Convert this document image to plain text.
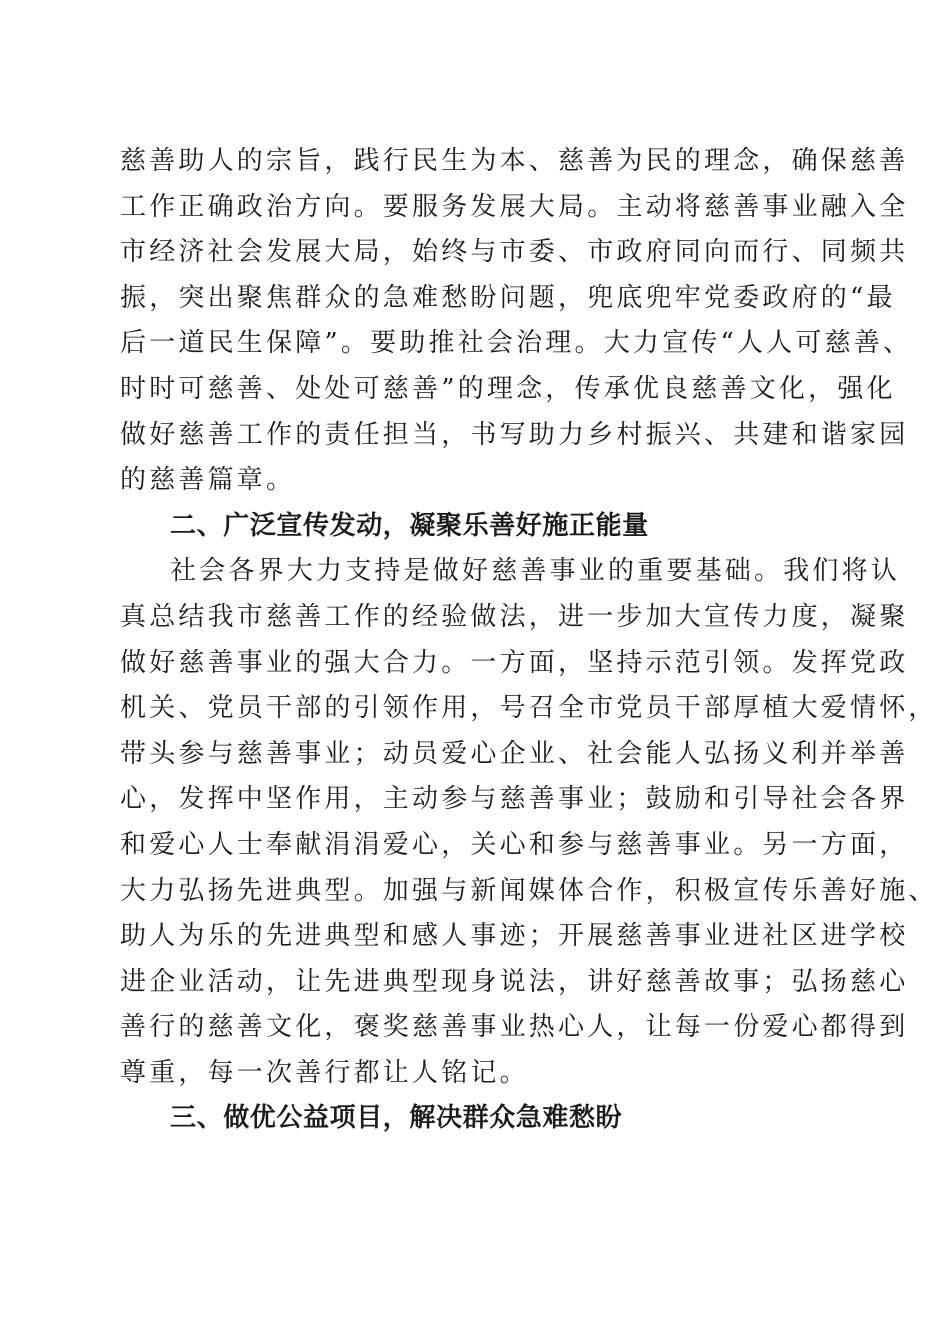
慈善助人的宗旨，践行民生为本、慈善为民的理念，确保慈善
工作正确政治方向。要服务发展大局。主动将慈善事业融入全
市经济社会发展大局，始终与市委、市政府同向而行、同频共
振，突出聚焦群众的急难愁盼问题，兜底兜牢党委政府的“最
后一道民生保障”。要助推社会治理。大力宣传“人人可慈善、
时时可慈善、处处可慈善”的理念，传承优良慈善文化，强化
做好慈善工作的责任担当，书写助力乡村振兴、共建和谐家园
的慈善篇章。
二、广泛宣传发动，凝聚乐善好施正能量
社会各界大力支持是做好慈善事业的重要基础。我们将认
真总结我市慈善工作的经验做法，进一步加大宣传力度，凝聚
做好慈善事业的强大合力。一方面，坚持示范引领。发挥党政
机关、党员干部的引领作用，号召全市党员干部厚植大爱情怀，
带头参与慈善事业；动员爱心企业、社会能人弘扬义利并举善
心，发挥中坚作用，主动参与慈善事业；鼓励和引导社会各界
和爱心人士奉献涓涓爱心，关心和参与慈善事业。另一方面，
大力弘扬先进典型。加强与新闻媒体合作，积极宣传乐善好施、
助人为乐的先进典型和感人事迹；开展慈善事业进社区进学校
进企业活动，让先进典型现身说法，讲好慈善故事；弘扬慈心
善行的慈善文化，褒奖慈善事业热心人，让每一份爱心都得到
尊重，每一次善行都让人铭记。
三、做优公益项目，解决群众急难愁盼
